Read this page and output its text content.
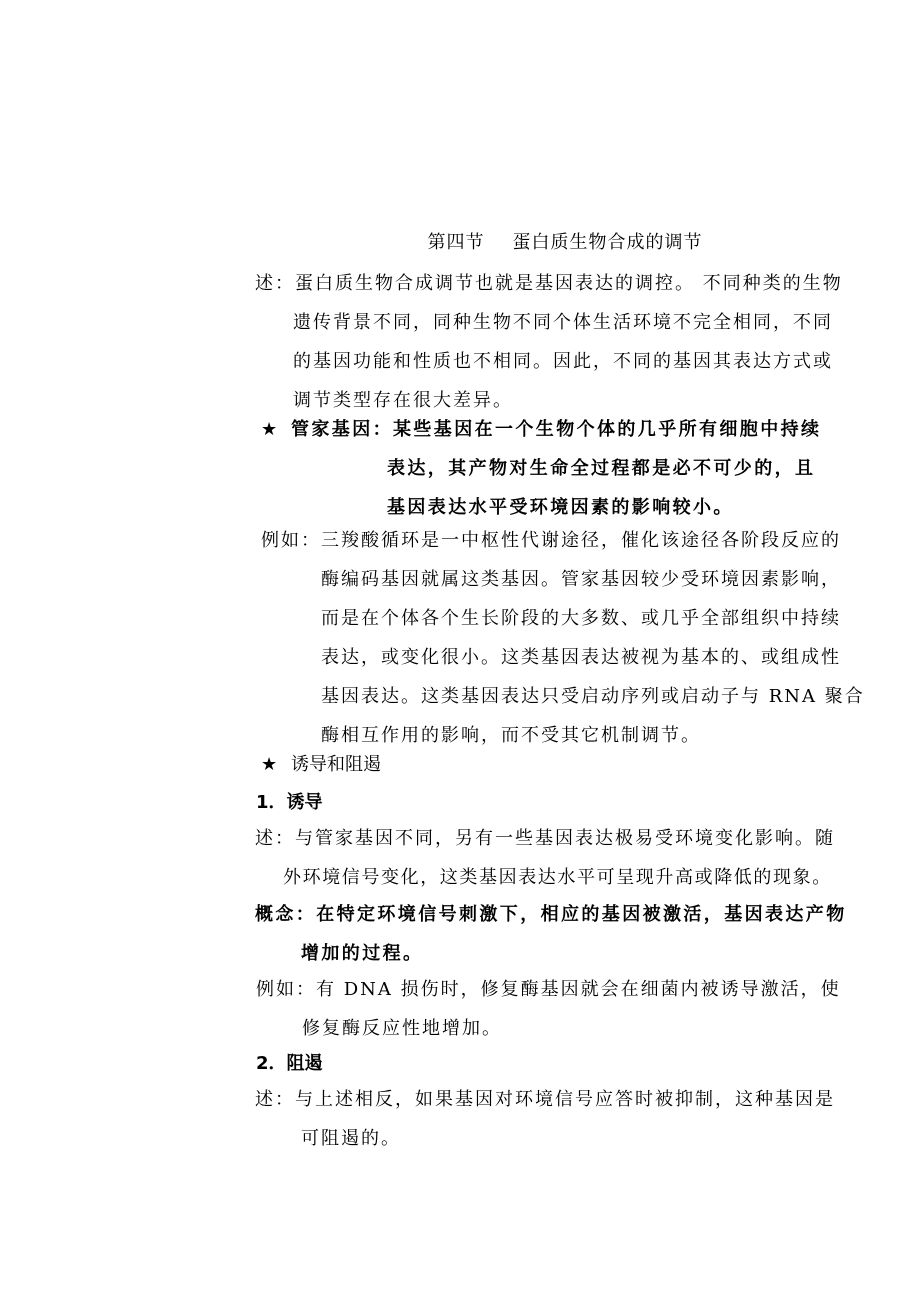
第四节 蛋白质生物合成的调节
述： 蛋白质生物合成调节也就是基因表达的调控。 不同种类的生物
遗传背景不同，同种生物不同个体生活环境不完全相同，不同
的基因功能和性质也不相同。因此，不同的基因其表达方式或
调节类型存在很大差异。
★ 管家基因：某些基因在一个生物个体的几乎所有细胞中持续
表达，其产物对生命全过程都是必不可少的，且
基因表达水平受环境因素的影响较小。
例如：三羧酸循环是一中枢性代谢途径，催化该途径各阶段反应的
酶编码基因就属这类基因。管家基因较少受环境因素影响，
而是在个体各个生长阶段的大多数、或几乎全部组织中持续
表达，或变化很小。这类基因表达被视为基本的、或组成性
基因表达。这类基因表达只受启动序列或启动子与 RNA 聚合
酶相互作用的影响，而不受其它机制调节。
★ 诱导和阻遏
1．诱导
述：与管家基因不同，另有一些基因表达极易受环境变化影响。随
外环境信号变化，这类基因表达水平可呈现升高或降低的现象。
概念：在特定环境信号刺激下，相应的基因被激活，基因表达产物
增加的过程。
例如：有 DNA 损伤时，修复酶基因就会在细菌内被诱导激活，使
修复酶反应性地增加。
2．阻遏
述：与上述相反，如果基因对环境信号应答时被抑制，这种基因是
可阻遏的。
